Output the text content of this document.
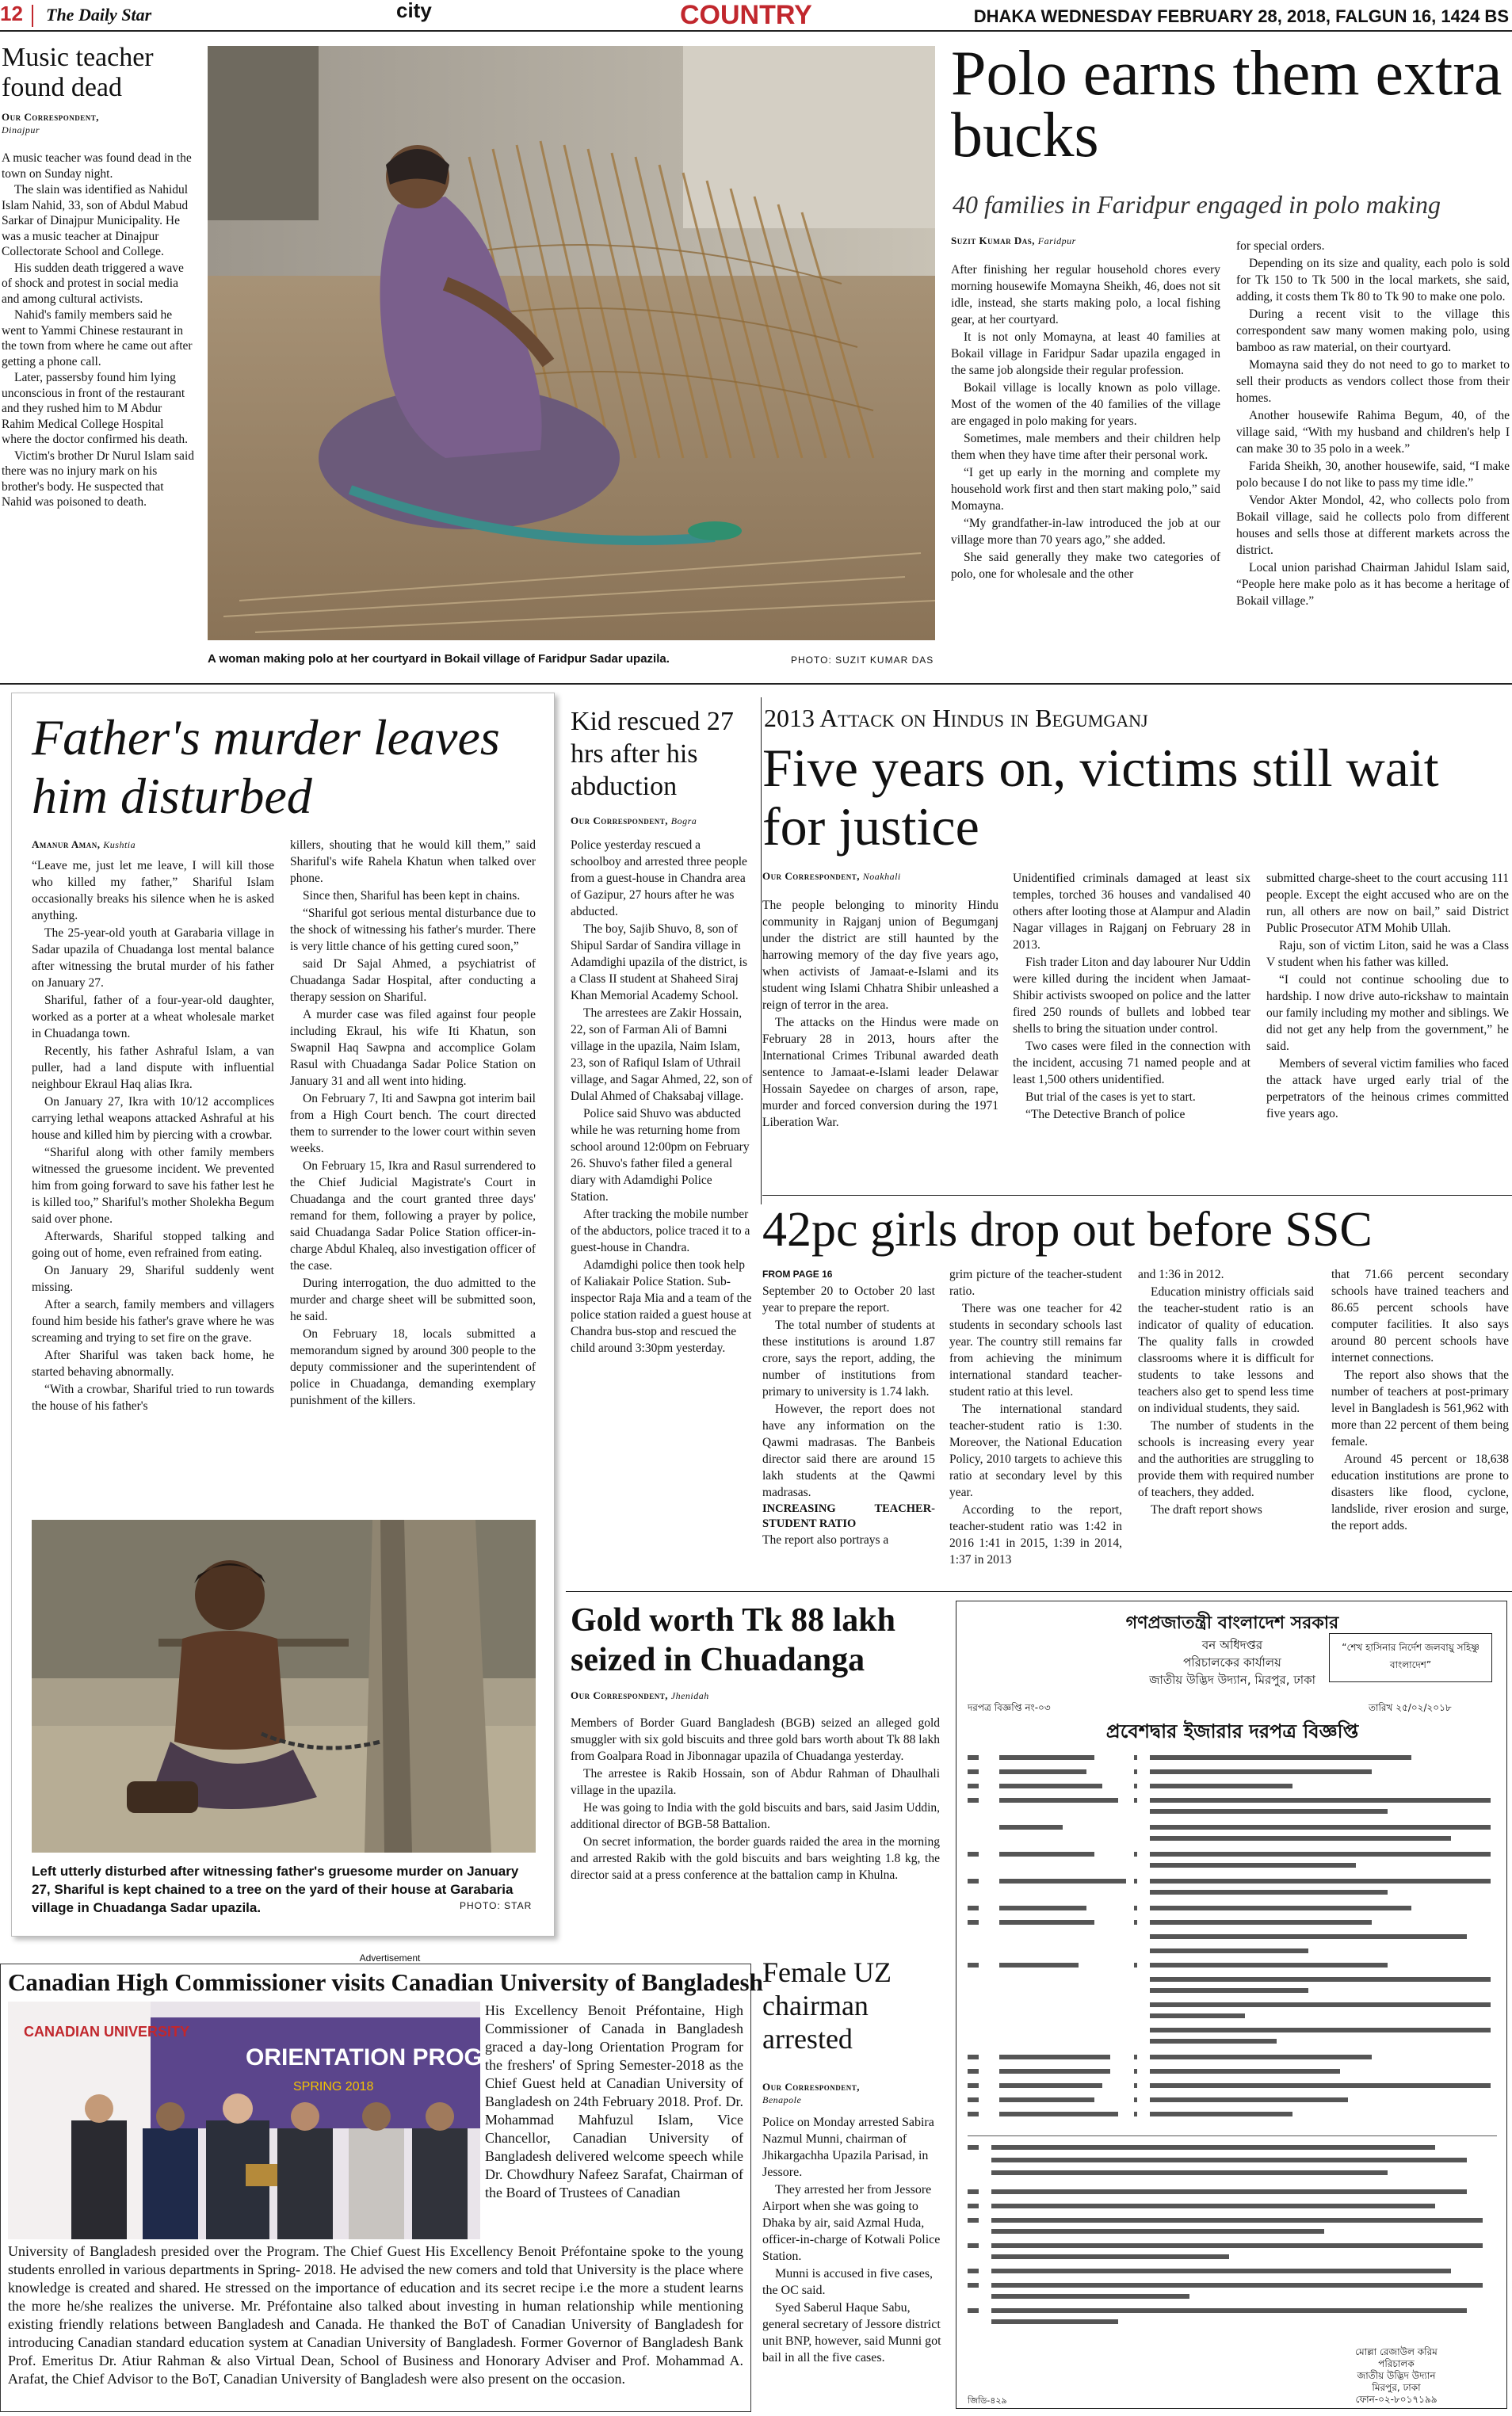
12 The Daily Star	city	COUNTRY	DHAKA WEDNESDAY FEBRUARY 28, 2018, FALGUN 16, 1424 BS
Music teacher found dead
Our Correspondent,
Dinajpur

A music teacher was found dead in the town on Sunday night.

The slain was identified as Nahidul Islam Nahid, 33, son of Abdul Mabud Sarkar of Dinajpur Municipality. He was a music teacher at Dinajpur Collectorate School and College.

His sudden death triggered a wave of shock and protest in social media and among cultural activists.

Nahid's family members said he went to Yammi Chinese restaurant in the town from where he came out after getting a phone call.

Later, passersby found him lying unconscious in front of the restaurant and they rushed him to M Abdur Rahim Medical College Hospital where the doctor confirmed his death.

Victim's brother Dr Nurul Islam said there was no injury mark on his brother's body. He suspected that Nahid was poisoned to death.

A woman making polo at her courtyard in Bokail village of Faridpur Sadar upazila.	PHOTO: SUZIT KUMAR DAS
Polo earns them extra bucks
40 families in Faridpur engaged in polo making
Suzit Kumar Das, Faridpur

After finishing her regular household chores every morning housewife Momayna Sheikh, 46, does not sit idle, instead, she starts making polo, a local fishing gear, at her courtyard.

It is not only Momayna, at least 40 families at Bokail village in Faridpur Sadar upazila engaged in the same job alongside their regular profession.

Bokail village is locally known as polo village. Most of the women of the 40 families of the village are engaged in polo making for years.

Sometimes, male members and their children help them when they have time after their personal work.

“I get up early in the morning and complete my household work first and then start making polo,” said Momayna.

“My grandfather-in-law introduced the job at our village more than 70 years ago,” she added.

She said generally they make two categories of polo, one for wholesale and the other

for special orders.

Depending on its size and quality, each polo is sold for Tk 150 to Tk 500 in the local markets, she said, adding, it costs them Tk 80 to Tk 90 to make one polo.

During a recent visit to the village this correspondent saw many women making polo, using bamboo as raw material, on their courtyard.

Momayna said they do not need to go to market to sell their products as vendors collect those from their homes.

Another housewife Rahima Begum, 40, of the village said, “With my husband and children's help I can make 30 to 35 polo in a week.”

Farida Sheikh, 30, another housewife, said, “I make polo because I do not like to pass my time idle.”

Vendor Akter Mondol, 42, who collects polo from Bokail village, said he collects polo from different houses and sells those at different markets across the district.

Local union parishad Chairman Jahidul Islam said, “People here make polo as it has become a heritage of Bokail village.”

Father's murder leaves him disturbed
Amanur Aman, Kushtia

“Leave me, just let me leave, I will kill those who killed my father,” Shariful Islam occasionally breaks his silence when he is asked anything.

The 25-year-old youth at Garabaria village in Sadar upazila of Chuadanga lost mental balance after witnessing the brutal murder of his father on January 27.

Shariful, father of a four-year-old daughter, worked as a porter at a wheat wholesale market in Chuadanga town.

Recently, his father Ashraful Islam, a van puller, had a land dispute with influential neighbour Ekraul Haq alias Ikra.

On January 27, Ikra with 10/12 accomplices carrying lethal weapons attacked Ashraful at his house and killed him by piercing with a crowbar.

“Shariful along with other family members witnessed the gruesome incident. We prevented him from going forward to save his father lest he is killed too,” Shariful's mother Sholekha Begum said over phone.

Afterwards, Shariful stopped talking and going out of home, even refrained from eating.

On January 29, Shariful suddenly went missing.

After a search, family members and villagers found him beside his father's grave where he was screaming and trying to set fire on the grave.

After Shariful was taken back home, he started behaving abnormally.

“With a crowbar, Shariful tried to run towards the house of his father's

killers, shouting that he would kill them,” said Shariful's wife Rahela Khatun when talked over phone.

Since then, Shariful has been kept in chains.

“Shariful got serious mental disturbance due to the shock of witnessing his father's murder. There is very little chance of his getting cured soon,”

said Dr Sajal Ahmed, a psychiatrist of Chuadanga Sadar Hospital, after conducting a therapy session on Shariful.

A murder case was filed against four people including Ekraul, his wife Iti Khatun, son Swapnil Haq Sawpna and accomplice Golam Rasul with Chuadanga Sadar Police Station on January 31 and all went into hiding.

On February 7, Iti and Sawpna got interim bail from a High Court bench. The court directed them to surrender to the lower court within seven weeks.

On February 15, Ikra and Rasul surrendered to the Chief Judicial Magistrate's Court in Chuadanga and the court granted three days' remand for them, following a prayer by police, said Chuadanga Sadar Police Station officer-in-charge Abdul Khaleq, also investigation officer of the case.

During interrogation, the duo admitted to the murder and charge sheet will be submitted soon, he said.

On February 18, locals submitted a memorandum signed by around 300 people to the deputy commissioner and the superintendent of police in Chuadanga, demanding exemplary punishment of the killers.

Left utterly disturbed after witnessing father's gruesome murder on January 27, Shariful is kept chained to a tree on the yard of their house at Garabaria village in Chuadanga Sadar upazila.	PHOTO: STAR
Kid rescued 27 hrs after his abduction
Our Correspondent, Bogra

Police yesterday rescued a schoolboy and arrested three people from a guest-house in Chandra area of Gazipur, 27 hours after he was abducted.

The boy, Sajib Shuvo, 8, son of Shipul Sardar of Sandira village in Adamdighi upazila of the district, is a Class II student at Shaheed Siraj Khan Memorial Academy School.

The arrestees are Zakir Hossain, 22, son of Farman Ali of Bamni village in the upazila, Naim Islam, 23, son of Rafiqul Islam of Uthrail village, and Sagar Ahmed, 22, son of Dulal Ahmed of Chaksabaj village.

Police said Shuvo was abducted while he was returning home from school around 12:00pm on February 26. Shuvo's father filed a general diary with Adamdighi Police Station.

After tracking the mobile number of the abductors, police traced it to a guest-house in Chandra.

Adamdighi police then took help of Kaliakair Police Station. Sub-inspector Raja Mia and a team of the police station raided a guest house at Chandra bus-stop and rescued the child around 3:30pm yesterday.

2013 Attack on Hindus in Begumganj
Five years on, victims still wait for justice
Our Correspondent, Noakhali

The people belonging to minority Hindu community in Rajganj union of Begumganj under the district are still haunted by the harrowing memory of the day five years ago, when activists of Jamaat-e-Islami and its student wing Islami Chhatra Shibir unleashed a reign of terror in the area.

The attacks on the Hindus were made on February 28 in 2013, hours after the International Crimes Tribunal awarded death sentence to Jamaat-e-Islami leader Delawar Hossain Sayedee on charges of arson, rape, murder and forced conversion during the 1971 Liberation War.

Unidentified criminals damaged at least six temples, torched 36 houses and vandalised 40 others after looting those at Alampur and Aladin Nagar villages in Rajganj on February 28 in 2013.

Fish trader Liton and day labourer Nur Uddin were killed during the incident when Jamaat-Shibir activists swooped on police and the latter fired 250 rounds of bullets and lobbed tear shells to bring the situation under control.

Two cases were filed in the connection with the incident, accusing 71 named people and at least 1,500 others unidentified.

But trial of the cases is yet to start.

“The Detective Branch of police

submitted charge-sheet to the court accusing 111 people. Except the eight accused who are on the run, all others are now on bail,” said District Public Prosecutor ATM Mohib Ullah.

Raju, son of victim Liton, said he was a Class V student when his father was killed.

“I could not continue schooling due to hardship. I now drive auto-rickshaw to maintain our family including my mother and siblings. We did not get any help from the government,” he said.

Members of several victim families who faced the attack have urged early trial of the perpetrators of the heinous crimes committed five years ago.

42pc girls drop out before SSC
FROM PAGE 16

September 20 to October 20 last year to prepare the report.

The total number of students at these institutions is around 1.87 crore, says the report, adding, the number of institutions from primary to university is 1.74 lakh.

However, the report does not have any information on the Qawmi madrasas. The Banbeis director said there are around 15 lakh students at the Qawmi madrasas.

INCREASING TEACHER-STUDENT RATIO

The report also portrays a

grim picture of the teacher-student ratio.

There was one teacher for 42 students in secondary schools last year. The country still remains far from achieving the minimum international standard teacher-student ratio at this level.

The international standard teacher-student ratio is 1:30. Moreover, the National Education Policy, 2010 targets to achieve this ratio at secondary level by this year.

According to the report, teacher-student ratio was 1:42 in 2016 1:41 in 2015, 1:39 in 2014, 1:37 in 2013

and 1:36 in 2012.

Education ministry officials said the teacher-student ratio is an indicator of quality of education. The quality falls in crowded classrooms where it is difficult for students to take lessons and teachers also get to spend less time on individual students, they said.

The number of students in the schools is increasing every year and the authorities are struggling to provide them with required number of teachers, they added.

The draft report shows

that 71.66 percent secondary schools have trained teachers and 86.65 percent schools have computer facilities. It also says around 80 percent schools have internet connections.

The report also shows that the number of teachers at post-primary level in Bangladesh is 561,962 with more than 22 percent of them being female.

Around 45 percent or 18,638 education institutions are prone to disasters like flood, cyclone, landslide, river erosion and surge, the report adds.

Gold worth Tk 88 lakh seized in Chuadanga
Our Correspondent, Jhenidah

Members of Border Guard Bangladesh (BGB) seized an alleged gold smuggler with six gold biscuits and three gold bars worth about Tk 88 lakh from Goalpara Road in Jibonnagar upazila of Chuadanga yesterday.

The arrestee is Rakib Hossain, son of Abdur Rahman of Dhaulhali village in the upazila.

He was going to India with the gold biscuits and bars, said Jasim Uddin, additional director of BGB-58 Battalion.

On secret information, the border guards raided the area in the morning and arrested Rakib with the gold biscuits and bars weighting 1.8 kg, the director said at a press conference at the battalion camp in Khulna.

গণপ্রজাতন্ত্রী বাংলাদেশ সরকার
বন অধিদপ্তর
পরিচালকের কার্যালয়
জাতীয় উদ্ভিদ উদ্যান, মিরপুর, ঢাকা
“শেখ হাসিনার নির্দেশ জলবায়ু সহিষ্ণু বাংলাদেশ”
দরপত্র বিজ্ঞপ্তি নং-০৩	তারিখ ২৫/০২/২০১৮
প্রবেশদ্বার ইজারার দরপত্র বিজ্ঞপ্তি
মোল্লা রেজাউল করিম
পরিচালক
জাতীয় উদ্ভিদ উদ্যান
মিরপুর, ঢাকা
ফোন-০২-৮০১৭১৯৯
জিডি-৪২৯
Advertisement
Canadian High Commissioner visits Canadian University of Bangladesh
ORIENTATION PROGRAM
SPRING 2018
CANADIAN UNIVERSITY
His Excellency Benoit Préfontaine, High Commissioner of Canada in Bangladesh graced a day-long Orientation Program for the freshers' of Spring Semester-2018 as the Chief Guest held at Canadian University of Bangladesh on 24th February 2018. Prof. Dr. Mohammad Mahfuzul Islam, Vice Chancellor, Canadian University of Bangladesh delivered welcome speech while Dr. Chowdhury Nafeez Sarafat, Chairman of the Board of Trustees of Canadian
University of Bangladesh presided over the Program. The Chief Guest His Excellency Benoit Préfontaine spoke to the young students enrolled in various departments in Spring- 2018. He advised the new comers and told that University is the place where knowledge is created and shared. He stressed on the importance of education and its secret recipe i.e the more a student learns the more he/she realizes the universe. Mr. Préfontaine also talked about investing in human relationship while mentioning existing friendly relations between Bangladesh and Canada. He thanked the BoT of Canadian University of Bangladesh for introducing Canadian standard education system at Canadian University of Bangladesh. Former Governor of Bangladesh Bank Prof. Emeritus Dr. Atiur Rahman & also Virtual Dean, School of Business and Honorary Adviser and Prof. Mohammad A. Arafat, the Chief Advisor to the BoT, Canadian University of Bangladesh were also present on the occasion.
Female UZ chairman arrested
Our Correspondent,
Benapole

Police on Monday arrested Sabira Nazmul Munni, chairman of Jhikargachha Upazila Parisad, in Jessore.

They arrested her from Jessore Airport when she was going to Dhaka by air, said Azmal Huda, officer-in-charge of Kotwali Police Station.

Munni is accused in five cases, the OC said.

Syed Saberul Haque Sabu, general secretary of Jessore district unit BNP, however, said Munni got bail in all the five cases.
